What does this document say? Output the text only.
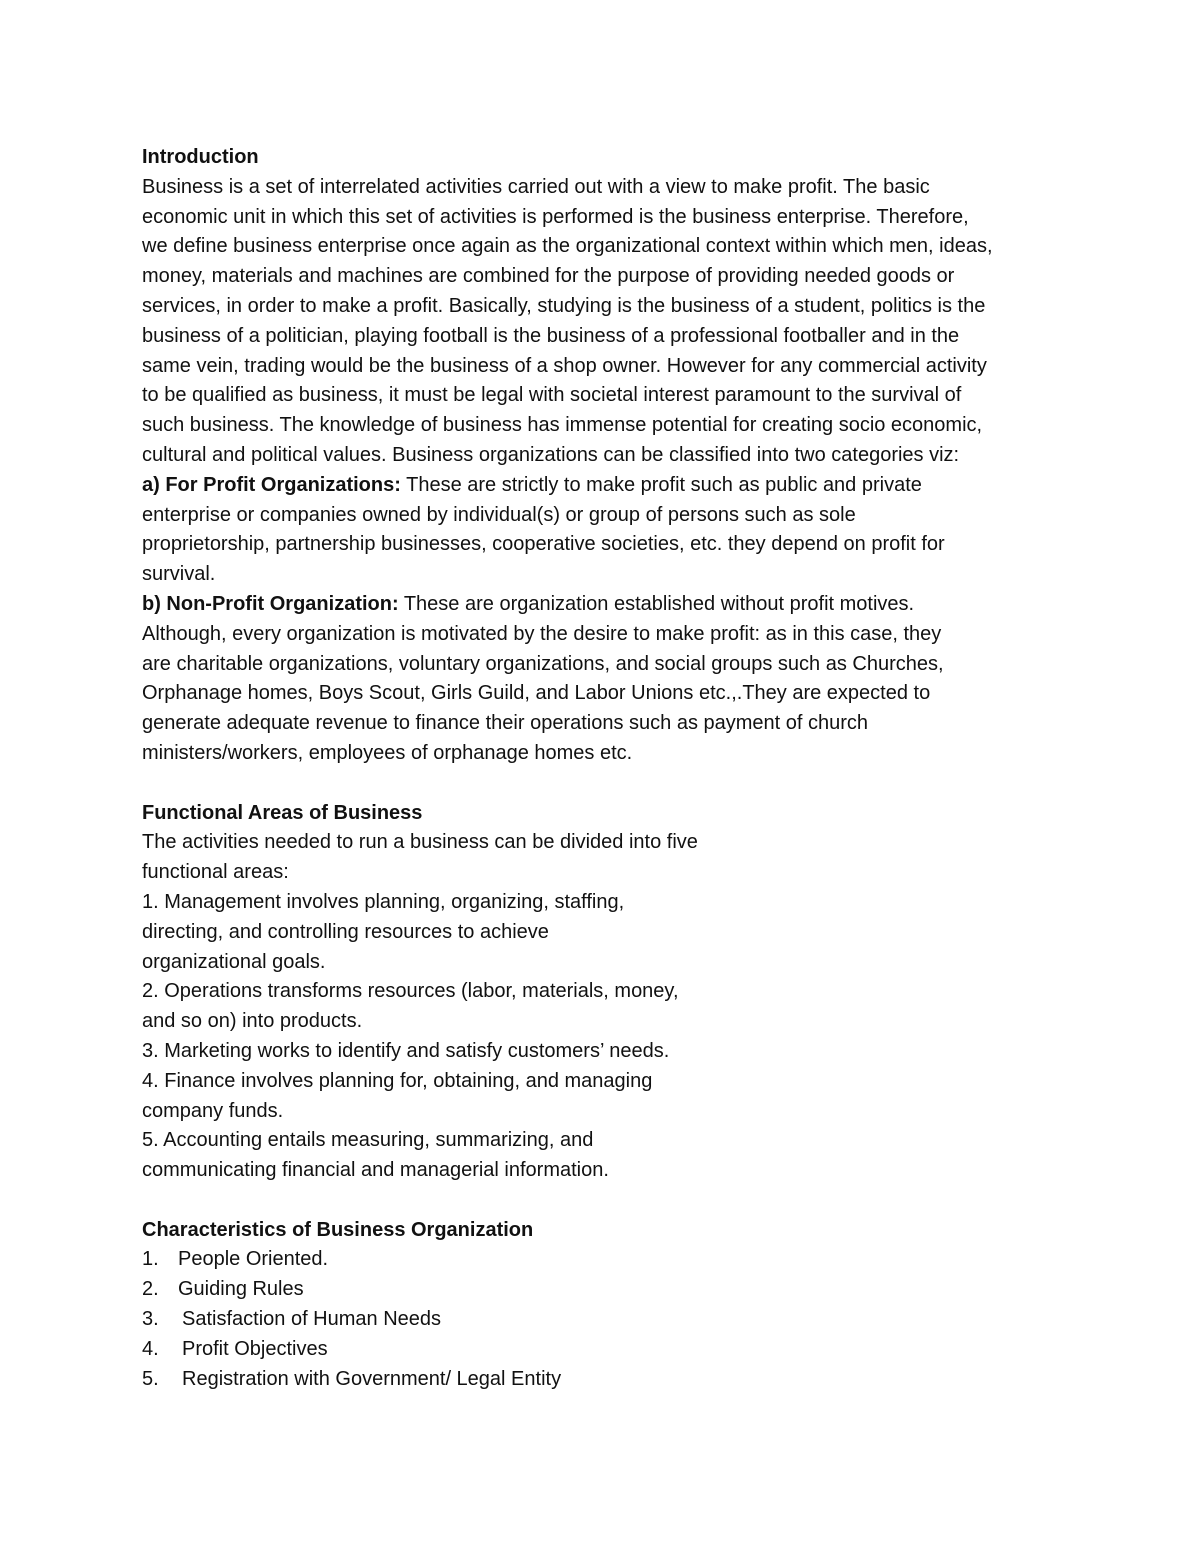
Introduction
Business is a set of interrelated activities carried out with a view to make profit. The basic
economic unit in which this set of activities is performed is the business enterprise. Therefore,
we define business enterprise once again as the organizational context within which men, ideas,
money, materials and machines are combined for the purpose of providing needed goods or
services, in order to make a profit. Basically, studying is the business of a student, politics is the
business of a politician, playing football is the business of a professional footballer and in the
same vein, trading would be the business of a shop owner. However for any commercial activity
to be qualified as business, it must be legal with societal interest paramount to the survival of
such business. The knowledge of business has immense potential for creating socio economic,
cultural and political values. Business organizations can be classified into two categories viz:
a) For Profit Organizations: These are strictly to make profit such as public and private
enterprise or companies owned by individual(s) or group of persons such as sole
proprietorship, partnership businesses, cooperative societies, etc. they depend on profit for
survival.
b) Non-Profit Organization: These are organization established without profit motives.
Although, every organization is motivated by the desire to make profit: as in this case, they
are charitable organizations, voluntary organizations, and social groups such as Churches,
Orphanage homes, Boys Scout, Girls Guild, and Labor Unions etc.,.They are expected to
generate adequate revenue to finance their operations such as payment of church
ministers/workers, employees of orphanage homes etc.
Functional Areas of Business
The activities needed to run a business can be divided into five
functional areas:
1. Management involves planning, organizing, staffing,
directing, and controlling resources to achieve
organizational goals.
2. Operations transforms resources (labor, materials, money,
and so on) into products.
3. Marketing works to identify and satisfy customers’ needs.
4. Finance involves planning for, obtaining, and managing
company funds.
5. Accounting entails measuring, summarizing, and
communicating financial and managerial information.
Characteristics of Business Organization
1. People Oriented.
2. Guiding Rules
3. Satisfaction of Human Needs
4. Profit Objectives
5. Registration with Government/ Legal Entity
